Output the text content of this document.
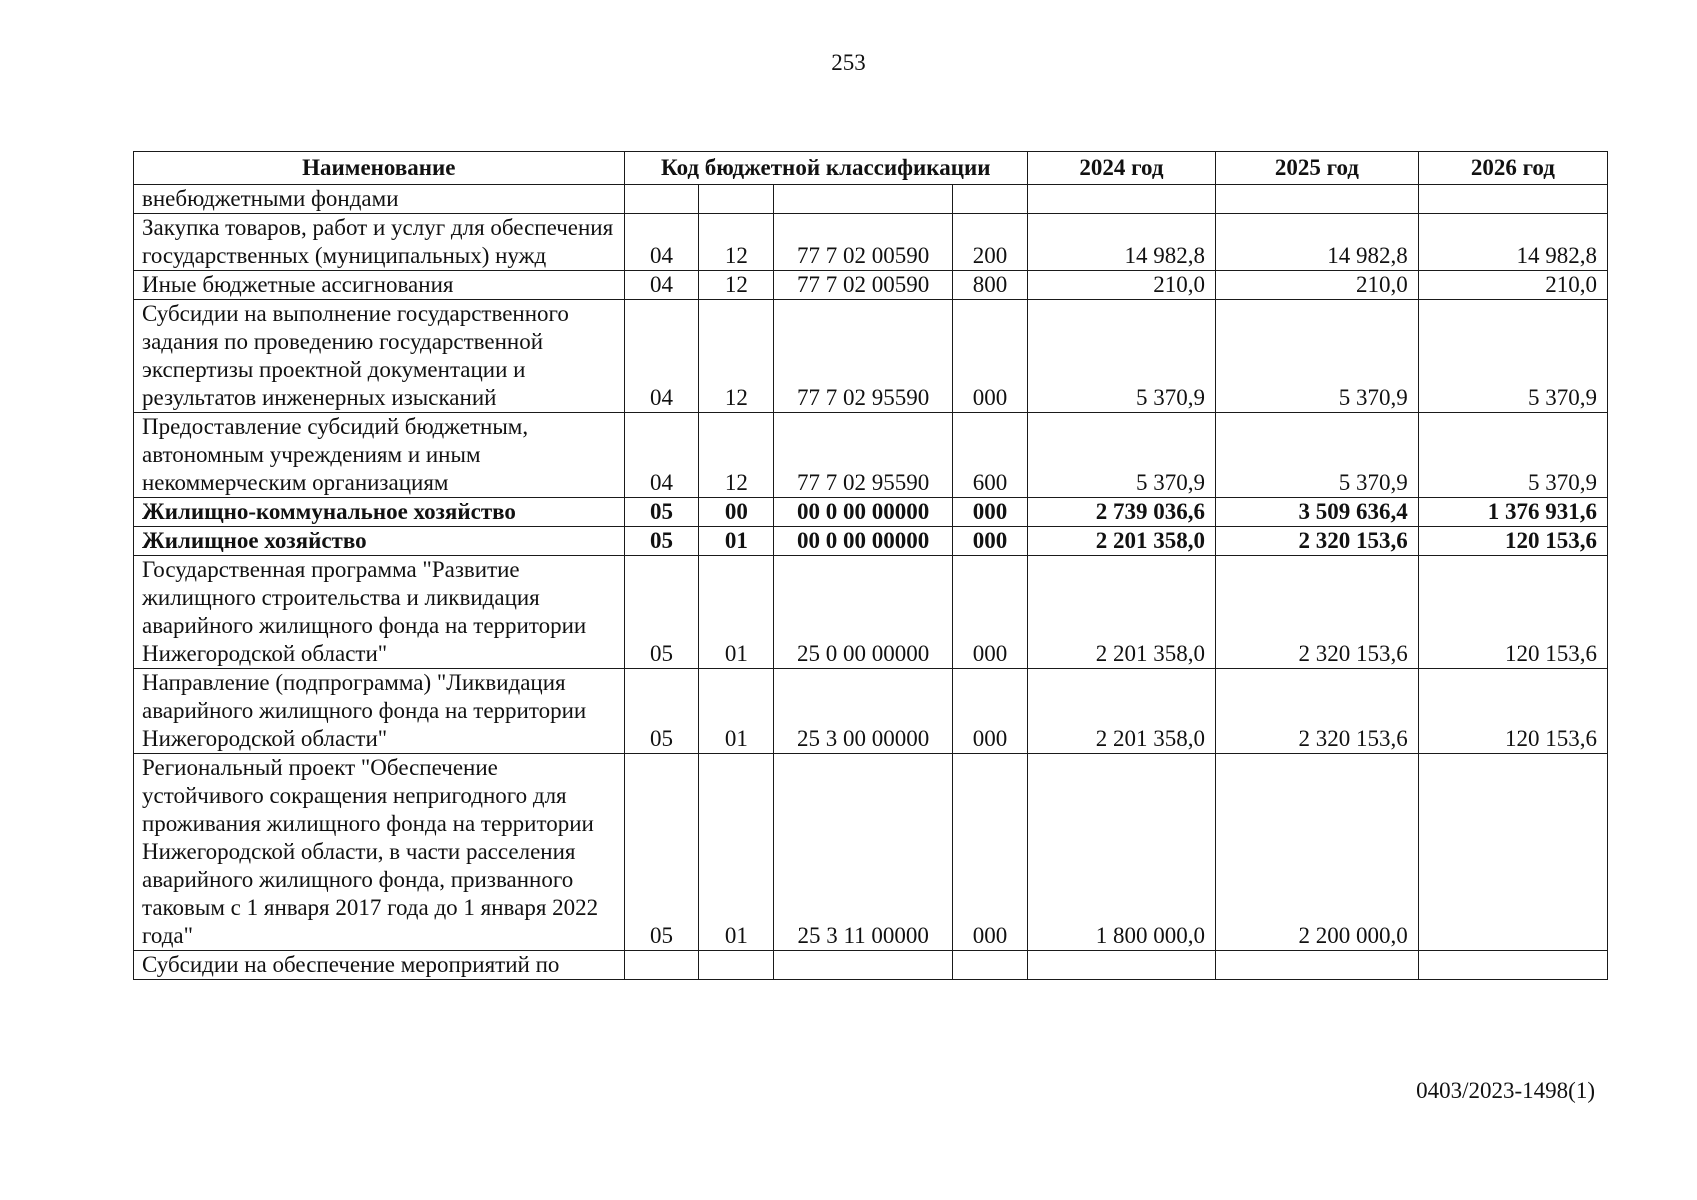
253
Наименование	Код бюджетной классификации				2024 год	2025 год	2026 год
внебюджетными фондами							
Закупка товаров, работ и услуг для обеспечения государственных (муниципальных) нужд	04	12	77 7 02 00590	200	14 982,8	14 982,8	14 982,8
Иные бюджетные ассигнования	04	12	77 7 02 00590	800	210,0	210,0	210,0
Субсидии на выполнение государственного задания по проведению государственной экспертизы проектной документации и результатов инженерных изысканий	04	12	77 7 02 95590	000	5 370,9	5 370,9	5 370,9
Предоставление субсидий бюджетным, автономным учреждениям и иным некоммерческим организациям	04	12	77 7 02 95590	600	5 370,9	5 370,9	5 370,9
Жилищно-коммунальное хозяйство	05	00	00 0 00 00000	000	2 739 036,6	3 509 636,4	1 376 931,6
Жилищное хозяйство	05	01	00 0 00 00000	000	2 201 358,0	2 320 153,6	120 153,6
Государственная программа "Развитие жилищного строительства и ликвидация аварийного жилищного фонда на территории Нижегородской области"	05	01	25 0 00 00000	000	2 201 358,0	2 320 153,6	120 153,6
Направление (подпрограмма) "Ликвидация аварийного жилищного фонда на территории Нижегородской области"	05	01	25 3 00 00000	000	2 201 358,0	2 320 153,6	120 153,6
Региональный проект "Обеспечение устойчивого сокращения непригодного для проживания жилищного фонда на территории Нижегородской области, в части расселения аварийного жилищного фонда, призванного таковым с 1 января 2017 года до 1 января 2022 года"	05	01	25 3 11 00000	000	1 800 000,0	2 200 000,0	
Субсидии на обеспечение мероприятий по							
0403/2023-1498(1)
